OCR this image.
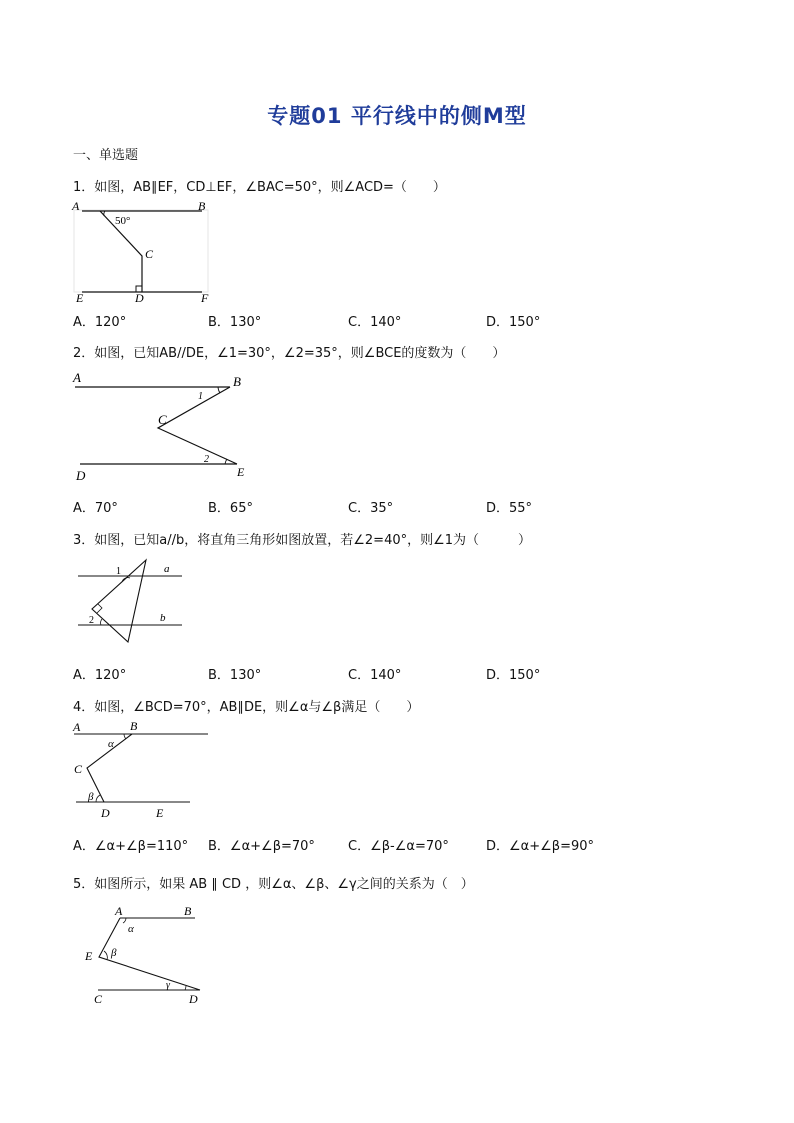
专题01 平行线中的侧M型
一、单选题
1．如图，AB∥EF，CD⊥EF，∠BAC=50°，则∠ACD=（　　）
A	B
C
D
E	F
50°
A．120°	B．130°	C．140°	D．150°
2．如图，已知AB//DE，∠1=30°，∠2=35°，则∠BCE的度数为（　　）
A	B
C
D	E
1
2
A．70°	B．65°	C．35°	D．55°
3．如图，已知a//b，将直角三角形如图放置，若∠2=40°，则∠1为（　　　）
1
2
a
b
A．120°	B．130°	C．140°	D．150°
4．如图，∠BCD=70°，AB∥DE，则∠α与∠β满足（　　）
A	B
C
D	E
α
β
A．∠α+∠β=110° B．∠α+∠β=70°	C．∠β-∠α=70°	D．∠α+∠β=90°
5．如图所示，如果 AB ∥ CD ，则∠α、∠β、∠γ之间的关系为（　）
A	B
C	D
E
α
β
γ
